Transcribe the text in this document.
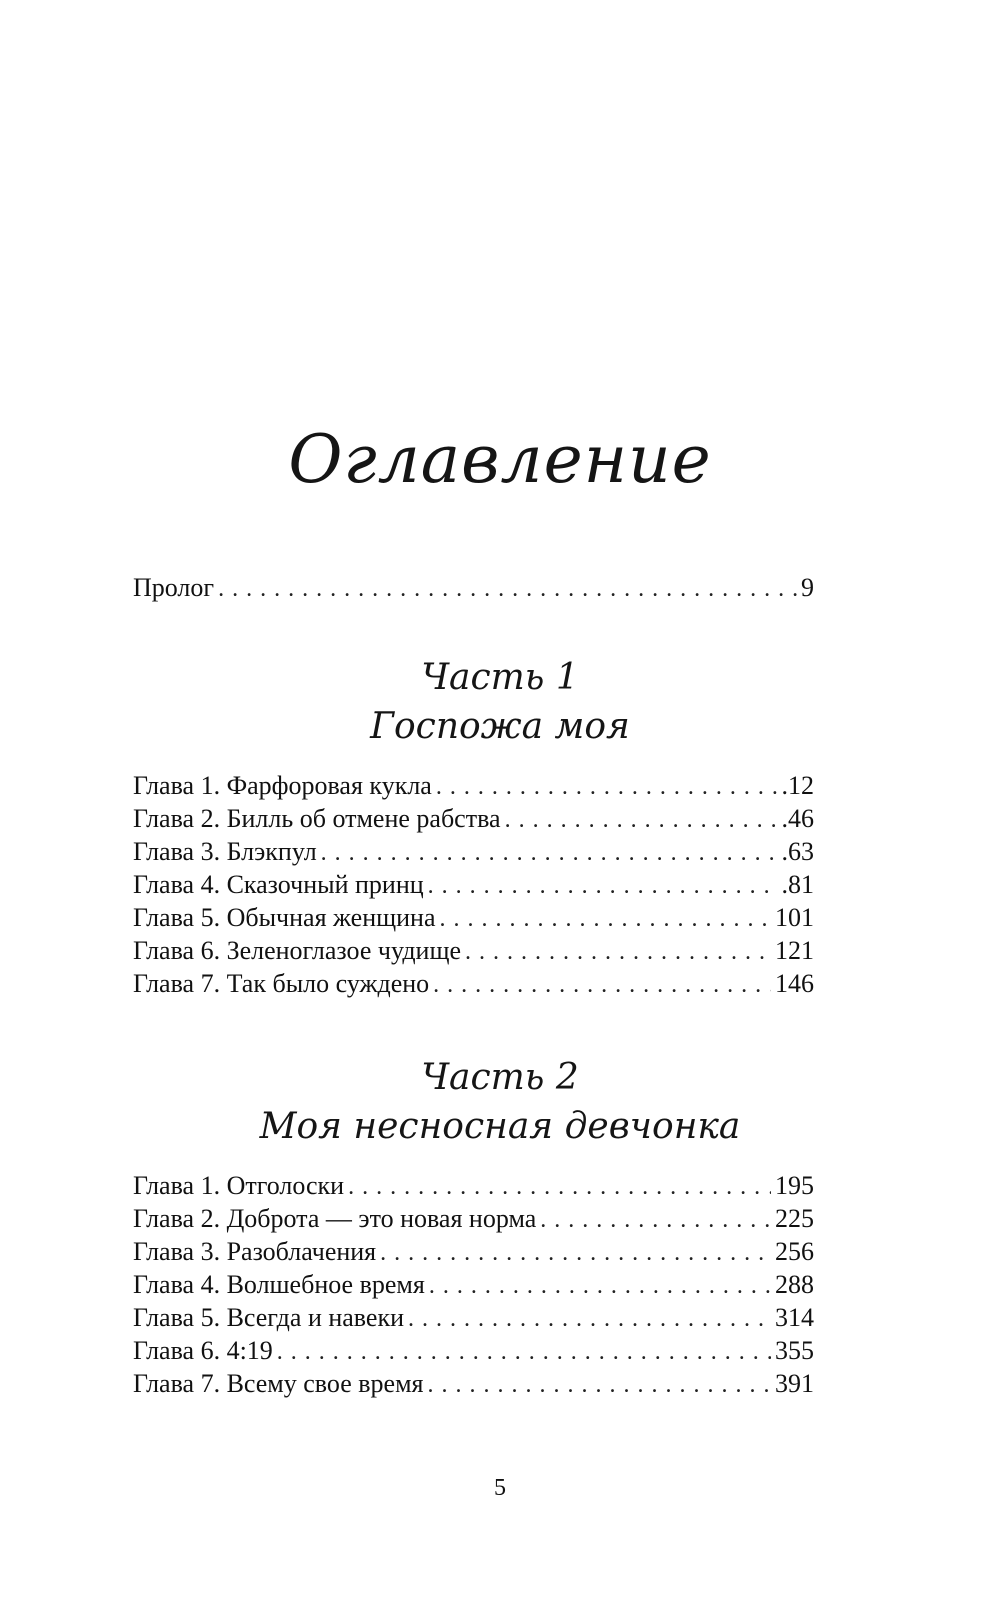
Оглавление
Пролог . . .	9
Часть 1
Госпожа моя
Глава 1. Фарфоровая кукла . . .	.12
Глава 2. Билль об отмене рабства . . .	.46
Глава 3. Блэкпул . . .	.63
Глава 4. Сказочный принц . . .	.81
Глава 5. Обычная женщина . . .	101
Глава 6. Зеленоглазое чудище . . .	121
Глава 7. Так было суждено . . .	146
Часть 2
Моя несносная девчонка
Глава 1. Отголоски . . .	195
Глава 2. Доброта — это новая норма . . .	225
Глава 3. Разоблачения . . .	256
Глава 4. Волшебное время . . .	288
Глава 5. Всегда и навеки . . .	314
Глава 6. 4:19 . . .	355
Глава 7. Всему свое время . . .	391
5
